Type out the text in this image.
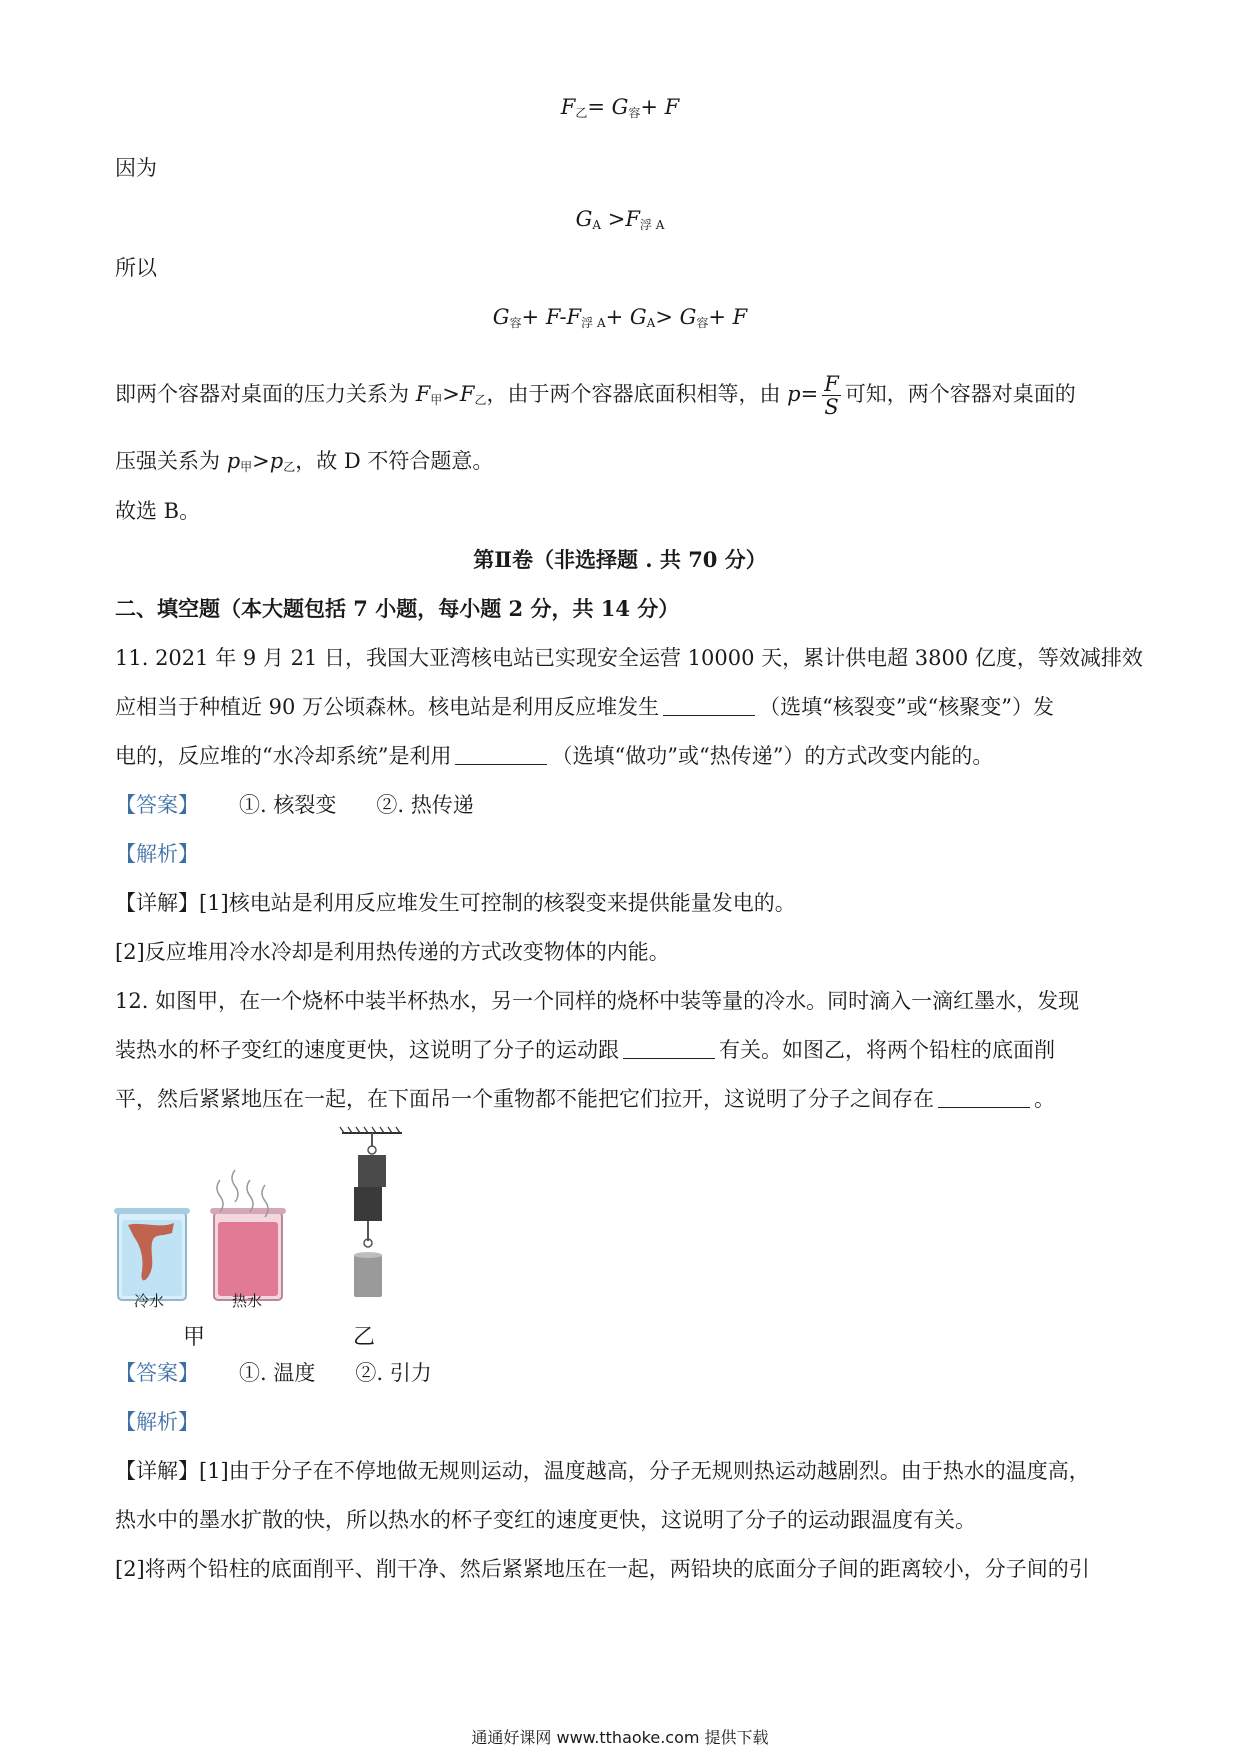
$F_乙= G_容+ F$
因为
$G_A >F_{浮 A}$
所以
$G_容+ F-F_{浮 A}+ G_A> G_容+ F$
即两个容器对桌面的压力关系为 $F_甲>F_乙$，由于两个容器底面积相等，由 $p= \frac{F}{S}$ 可知，两个容器对桌面的
压强关系为 $p_甲>p_乙$，故 D 不符合题意。
故选 B。
第Ⅱ卷（非选择题 . 共 70 分）
二、填空题（本大题包括 7 小题，每小题 2 分，共 14 分）
11. 2021 年 9 月 21 日，我国大亚湾核电站已实现安全运营 10000 天，累计供电超 3800 亿度，等效减排效
应相当于种植近 90 万公顷森林。核电站是利用反应堆发生	（选填“核裂变”或“核聚变”）发
电的，反应堆的“水冷却系统”是利用	（选填“做功”或“热传递”）的方式改变内能的。
【答案】 ①. 核裂变 ②. 热传递
【解析】
【详解】[1]核电站是利用反应堆发生可控制的核裂变来提供能量发电的。
[2]反应堆用冷水冷却是利用热传递的方式改变物体的内能。
12. 如图甲，在一个烧杯中装半杯热水，另一个同样的烧杯中装等量的冷水。同时滴入一滴红墨水，发现
装热水的杯子变红的速度更快，这说明了分子的运动跟	有关。如图乙，将两个铅柱的底面削
平，然后紧紧地压在一起，在下面吊一个重物都不能把它们拉开，这说明了分子之间存在	。
冷水	热水
甲	乙
【答案】 ①. 温度 ②. 引力
【解析】
【详解】[1]由于分子在不停地做无规则运动，温度越高，分子无规则热运动越剧烈。由于热水的温度高，
热水中的墨水扩散的快，所以热水的杯子变红的速度更快，这说明了分子的运动跟温度有关。
[2]将两个铅柱的底面削平、削干净、然后紧紧地压在一起，两铅块的底面分子间的距离较小，分子间的引
通通好课网 www.tthaoke.com 提供下载
